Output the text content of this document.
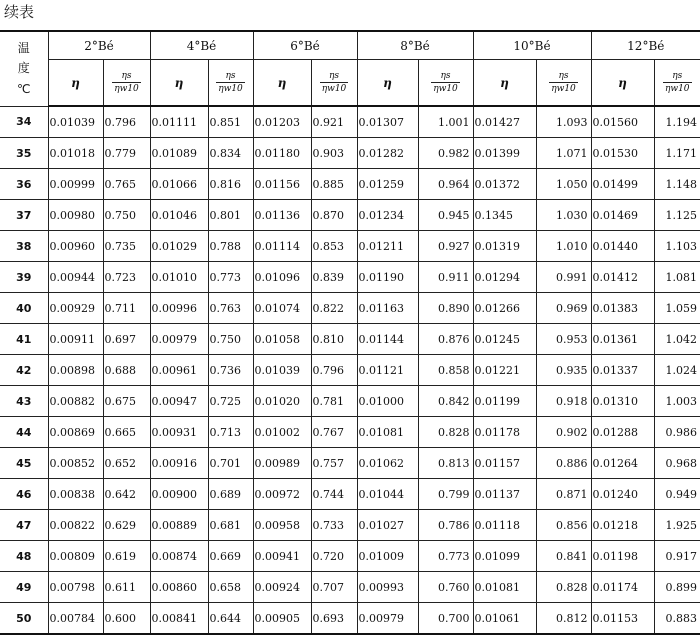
续表
温度
℃	2°Bé		4°Bé		6°Bé		8°Bé		10°Bé		12°Bé	
	η	$\frac{\eta s}{\eta w10}$	η	$\frac{\eta s}{\eta w10}$	η	$\frac{\eta s}{\eta w10}$	η	$\frac{\eta s}{\eta w10}$	η	$\frac{\eta s}{\eta w10}$	η	$\frac{\eta s}{\eta w10}$

34	0.01039	0.796	0.01111	0.851	0.01203	0.921	0.01307	1.001	0.01427	1.093	0.01560	1.194
35	0.01018	0.779	0.01089	0.834	0.01180	0.903	0.01282	0.982	0.01399	1.071	0.01530	1.171
36	0.00999	0.765	0.01066	0.816	0.01156	0.885	0.01259	0.964	0.01372	1.050	0.01499	1.148
37	0.00980	0.750	0.01046	0.801	0.01136	0.870	0.01234	0.945	0.1345	1.030	0.01469	1.125
38	0.00960	0.735	0.01029	0.788	0.01114	0.853	0.01211	0.927	0.01319	1.010	0.01440	1.103
39	0.00944	0.723	0.01010	0.773	0.01096	0.839	0.01190	0.911	0.01294	0.991	0.01412	1.081
40	0.00929	0.711	0.00996	0.763	0.01074	0.822	0.01163	0.890	0.01266	0.969	0.01383	1.059
41	0.00911	0.697	0.00979	0.750	0.01058	0.810	0.01144	0.876	0.01245	0.953	0.01361	1.042
42	0.00898	0.688	0.00961	0.736	0.01039	0.796	0.01121	0.858	0.01221	0.935	0.01337	1.024
43	0.00882	0.675	0.00947	0.725	0.01020	0.781	0.01000	0.842	0.01199	0.918	0.01310	1.003
44	0.00869	0.665	0.00931	0.713	0.01002	0.767	0.01081	0.828	0.01178	0.902	0.01288	0.986
45	0.00852	0.652	0.00916	0.701	0.00989	0.757	0.01062	0.813	0.01157	0.886	0.01264	0.968
46	0.00838	0.642	0.00900	0.689	0.00972	0.744	0.01044	0.799	0.01137	0.871	0.01240	0.949
47	0.00822	0.629	0.00889	0.681	0.00958	0.733	0.01027	0.786	0.01118	0.856	0.01218	1.925
48	0.00809	0.619	0.00874	0.669	0.00941	0.720	0.01009	0.773	0.01099	0.841	0.01198	0.917
49	0.00798	0.611	0.00860	0.658	0.00924	0.707	0.00993	0.760	0.01081	0.828	0.01174	0.899
50	0.00784	0.600	0.00841	0.644	0.00905	0.693	0.00979	0.700	0.01061	0.812	0.01153	0.883
